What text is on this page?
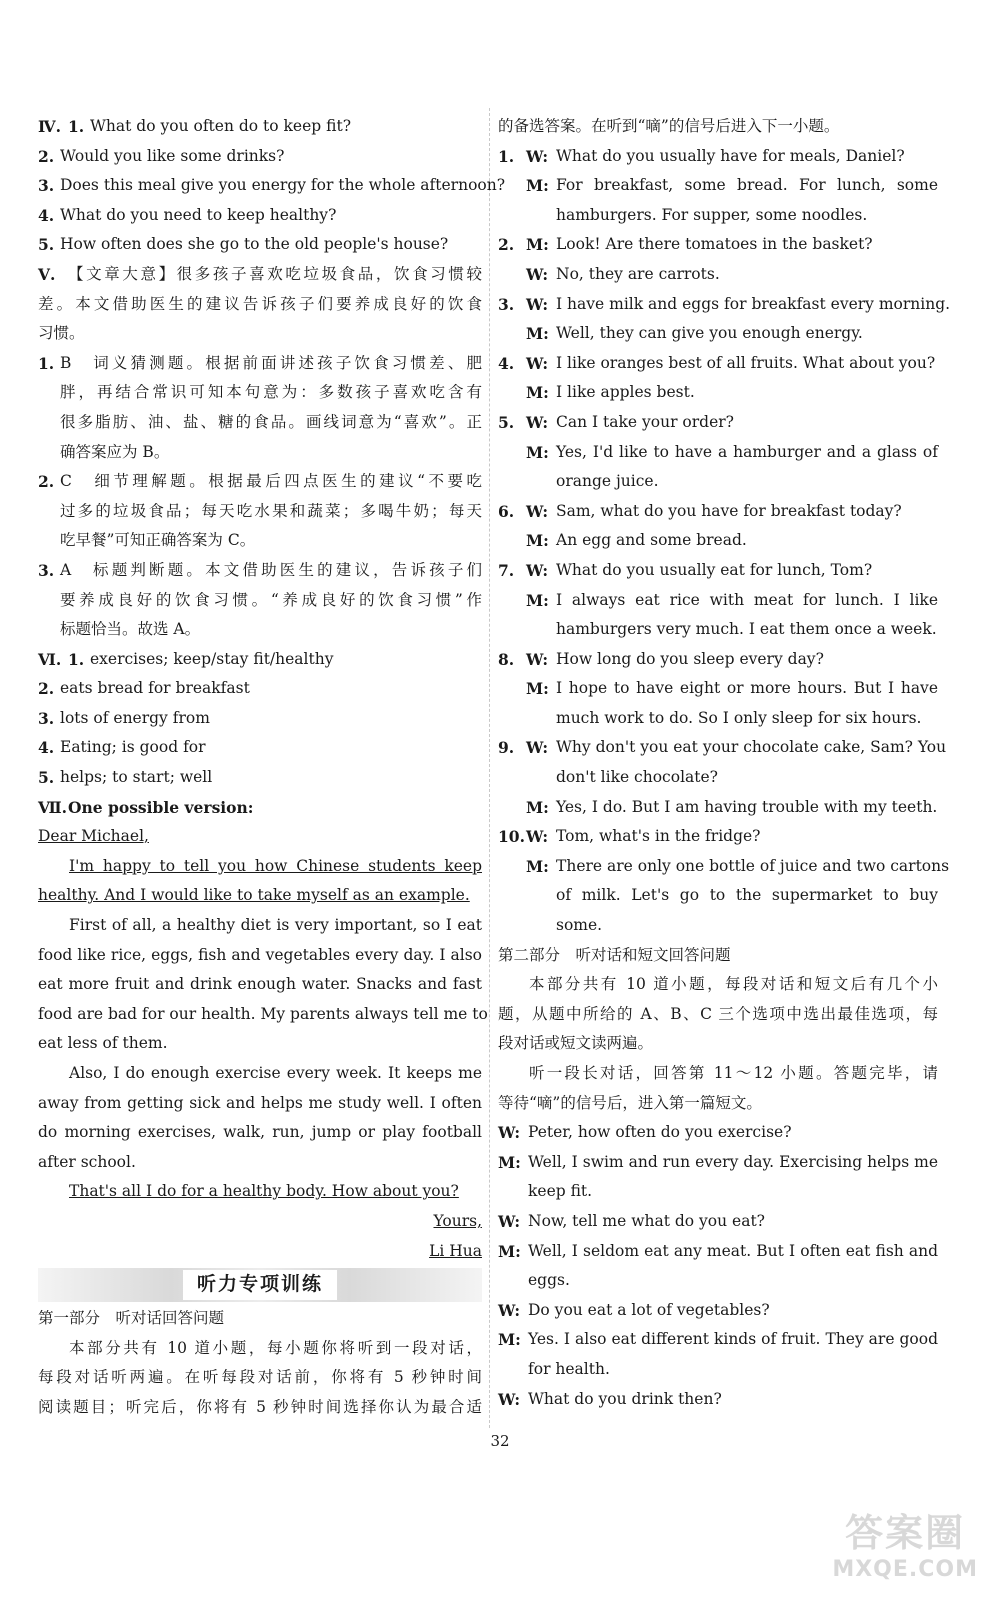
Ⅳ. 1. What do you often do to keep fit?
2. Would you like some drinks?
3. Does this meal give you energy for the whole afternoon?
4. What do you need to keep healthy?
5. How often does she go to the old people's house?
Ⅴ. 【文章大意】很多孩子喜欢吃垃圾食品，饮食习惯较
差。本文借助医生的建议告诉孩子们要养成良好的饮食
习惯。
1. B　词义猜测题。根据前面讲述孩子饮食习惯差、肥
胖，再结合常识可知本句意为：多数孩子喜欢吃含有
很多脂肪、油、盐、糖的食品。画线词意为“喜欢”。正
确答案应为 B。
2. C　细节理解题。根据最后四点医生的建议“不要吃
过多的垃圾食品；每天吃水果和蔬菜；多喝牛奶；每天
吃早餐”可知正确答案为 C。
3. A　标题判断题。本文借助医生的建议，告诉孩子们
要养成良好的饮食习惯。“养成良好的饮食习惯”作
标题恰当。故选 A。
Ⅵ. 1. exercises; keep/stay fit/healthy
2. eats bread for breakfast
3. lots of energy from
4. Eating; is good for
5. helps; to start; well
Ⅶ. One possible version:
Dear Michael,
I'm happy to tell you how Chinese students keep
healthy. And I would like to take myself as an example.
First of all, a healthy diet is very important, so I eat
food like rice, eggs, fish and vegetables every day. I also
eat more fruit and drink enough water. Snacks and fast
food are bad for our health. My parents always tell me to
eat less of them.
Also, I do enough exercise every week. It keeps me
away from getting sick and helps me study well. I often
do morning exercises, walk, run, jump or play football
after school.
That's all I do for a healthy body. How about you?
Yours,
Li Hua
听力专项训练
第一部分　听对话回答问题
本部分共有 10 道小题，每小题你将听到一段对话，
每段对话听两遍。在听每段对话前，你将有 5 秒钟时间
阅读题目；听完后，你将有 5 秒钟时间选择你认为最合适
的备选答案。在听到“嘀”的信号后进入下一小题。
1. W: What do you usually have for meals, Daniel?
M: For breakfast, some bread. For lunch, some
hamburgers. For supper, some noodles.
2. M: Look! Are there tomatoes in the basket?
W: No, they are carrots.
3. W: I have milk and eggs for breakfast every morning.
M: Well, they can give you enough energy.
4. W: I like oranges best of all fruits. What about you?
M: I like apples best.
5. W: Can I take your order?
M: Yes, I'd like to have a hamburger and a glass of
orange juice.
6. W: Sam, what do you have for breakfast today?
M: An egg and some bread.
7. W: What do you usually eat for lunch, Tom?
M: I always eat rice with meat for lunch. I like
hamburgers very much. I eat them once a week.
8. W: How long do you sleep every day?
M: I hope to have eight or more hours. But I have
much work to do. So I only sleep for six hours.
9. W: Why don't you eat your chocolate cake, Sam? You
don't like chocolate?
M: Yes, I do. But I am having trouble with my teeth.
10. W: Tom, what's in the fridge?
M: There are only one bottle of juice and two cartons
of milk. Let's go to the supermarket to buy
some.
第二部分　听对话和短文回答问题
本部分共有 10 道小题，每段对话和短文后有几个小
题，从题中所给的 A、B、C 三个选项中选出最佳选项，每
段对话或短文读两遍。
听一段长对话，回答第 11～12 小题。答题完毕，请
等待“嘀”的信号后，进入第一篇短文。
W: Peter, how often do you exercise?
M: Well, I swim and run every day. Exercising helps me
keep fit.
W: Now, tell me what do you eat?
M: Well, I seldom eat any meat. But I often eat fish and
eggs.
W: Do you eat a lot of vegetables?
M: Yes. I also eat different kinds of fruit. They are good
for health.
W: What do you drink then?
32
答案圈
MXQE.COM
